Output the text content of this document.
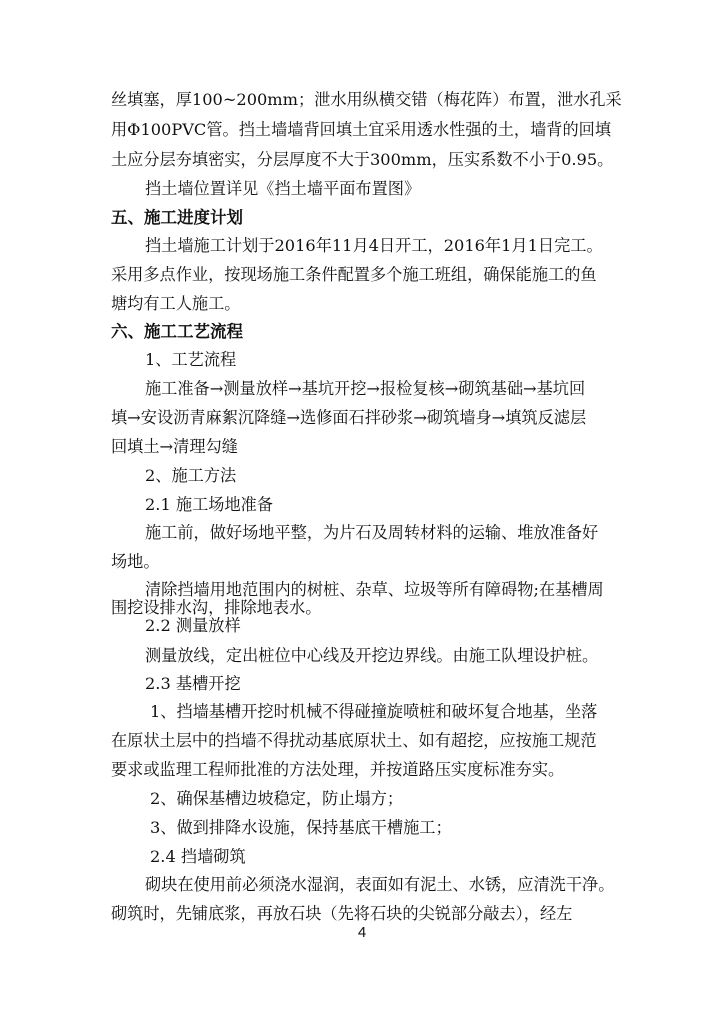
丝填塞，厚100~200mm；泄水用纵横交错（梅花阵）布置，泄水孔采
用Φ100PVC管。挡土墙墙背回填土宜采用透水性强的土，墙背的回填
土应分层夯填密实，分层厚度不大于300mm，压实系数不小于0.95。
挡土墙位置详见《挡土墙平面布置图》
五、施工进度计划
挡土墙施工计划于2016年11月4日开工，2016年1月1日完工。
采用多点作业，按现场施工条件配置多个施工班组，确保能施工的鱼
塘均有工人施工。
六、施工工艺流程
1、工艺流程
施工准备→测量放样→基坑开挖→报检复核→砌筑基础→基坑回
填→安设沥青麻絮沉降缝→选修面石拌砂浆→砌筑墙身→填筑反滤层
回填土→清理勾缝
2、施工方法
2.1 施工场地准备
施工前，做好场地平整，为片石及周转材料的运输、堆放准备好
场地。
清除挡墙用地范围内的树桩、杂草、垃圾等所有障碍物;在基槽周
围挖设排水沟，排除地表水。
2.2 测量放样
测量放线，定出桩位中心线及开挖边界线。由施工队埋设护桩。
2.3 基槽开挖
1、挡墙基槽开挖时机械不得碰撞旋喷桩和破坏复合地基，坐落
在原状土层中的挡墙不得扰动基底原状土、如有超挖，应按施工规范
要求或监理工程师批准的方法处理，并按道路压实度标准夯实。
2、确保基槽边坡稳定，防止塌方；
3、做到排降水设施，保持基底干槽施工；
2.4 挡墙砌筑
砌块在使用前必须浇水湿润，表面如有泥土、水锈，应清洗干净。
砌筑时，先铺底浆，再放石块（先将石块的尖锐部分敲去），经左
4
